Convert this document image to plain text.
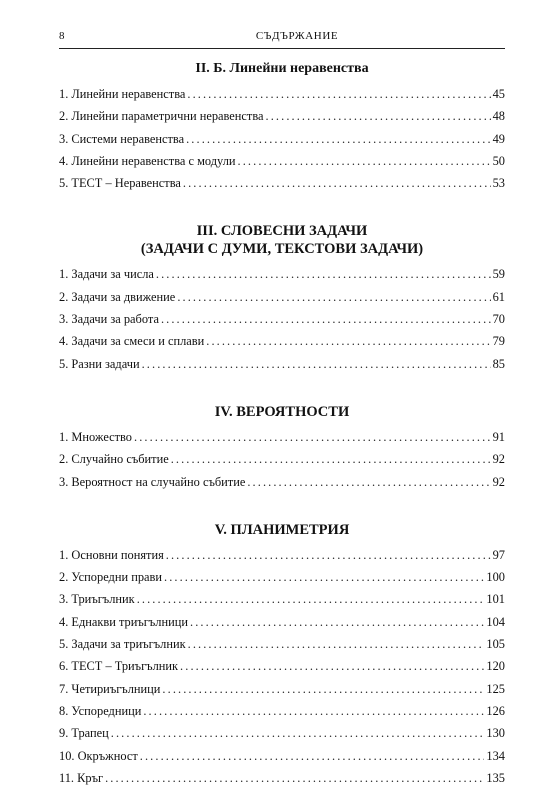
8	СЪДЪРЖАНИЕ
II. Б. Линейни неравенства
1. Линейни неравенства . . .	45
2. Линейни параметрични неравенства . . .	48
3. Системи неравенства . . .	49
4. Линейни неравенства с модули . . .	50
5. ТЕСТ – Неравенства . . .	53
III. СЛОВЕСНИ ЗАДАЧИ
(ЗАДАЧИ С ДУМИ, ТЕКСТОВИ ЗАДАЧИ)
1. Задачи за числа . . .	59
2. Задачи за движение . . .	61
3. Задачи за работа . . .	70
4. Задачи за смеси и сплави . . .	79
5. Разни задачи . . .	85
IV. ВЕРОЯТНОСТИ
1. Множество . . .	91
2. Случайно събитие . . .	92
3. Вероятност на случайно събитие . . .	92
V. ПЛАНИМЕТРИЯ
1. Основни понятия . . .	97
2. Успоредни прави . . .	100
3. Триъгълник . . .	101
4. Еднакви триъгълници . . .	104
5. Задачи за триъгълник . . .	105
6. ТЕСТ – Триъгълник . . .	120
7. Четириъгълници . . .	125
8. Успоредници . . .	126
9. Трапец . . .	130
10. Окръжност . . .	134
11. Кръг . . .	135
